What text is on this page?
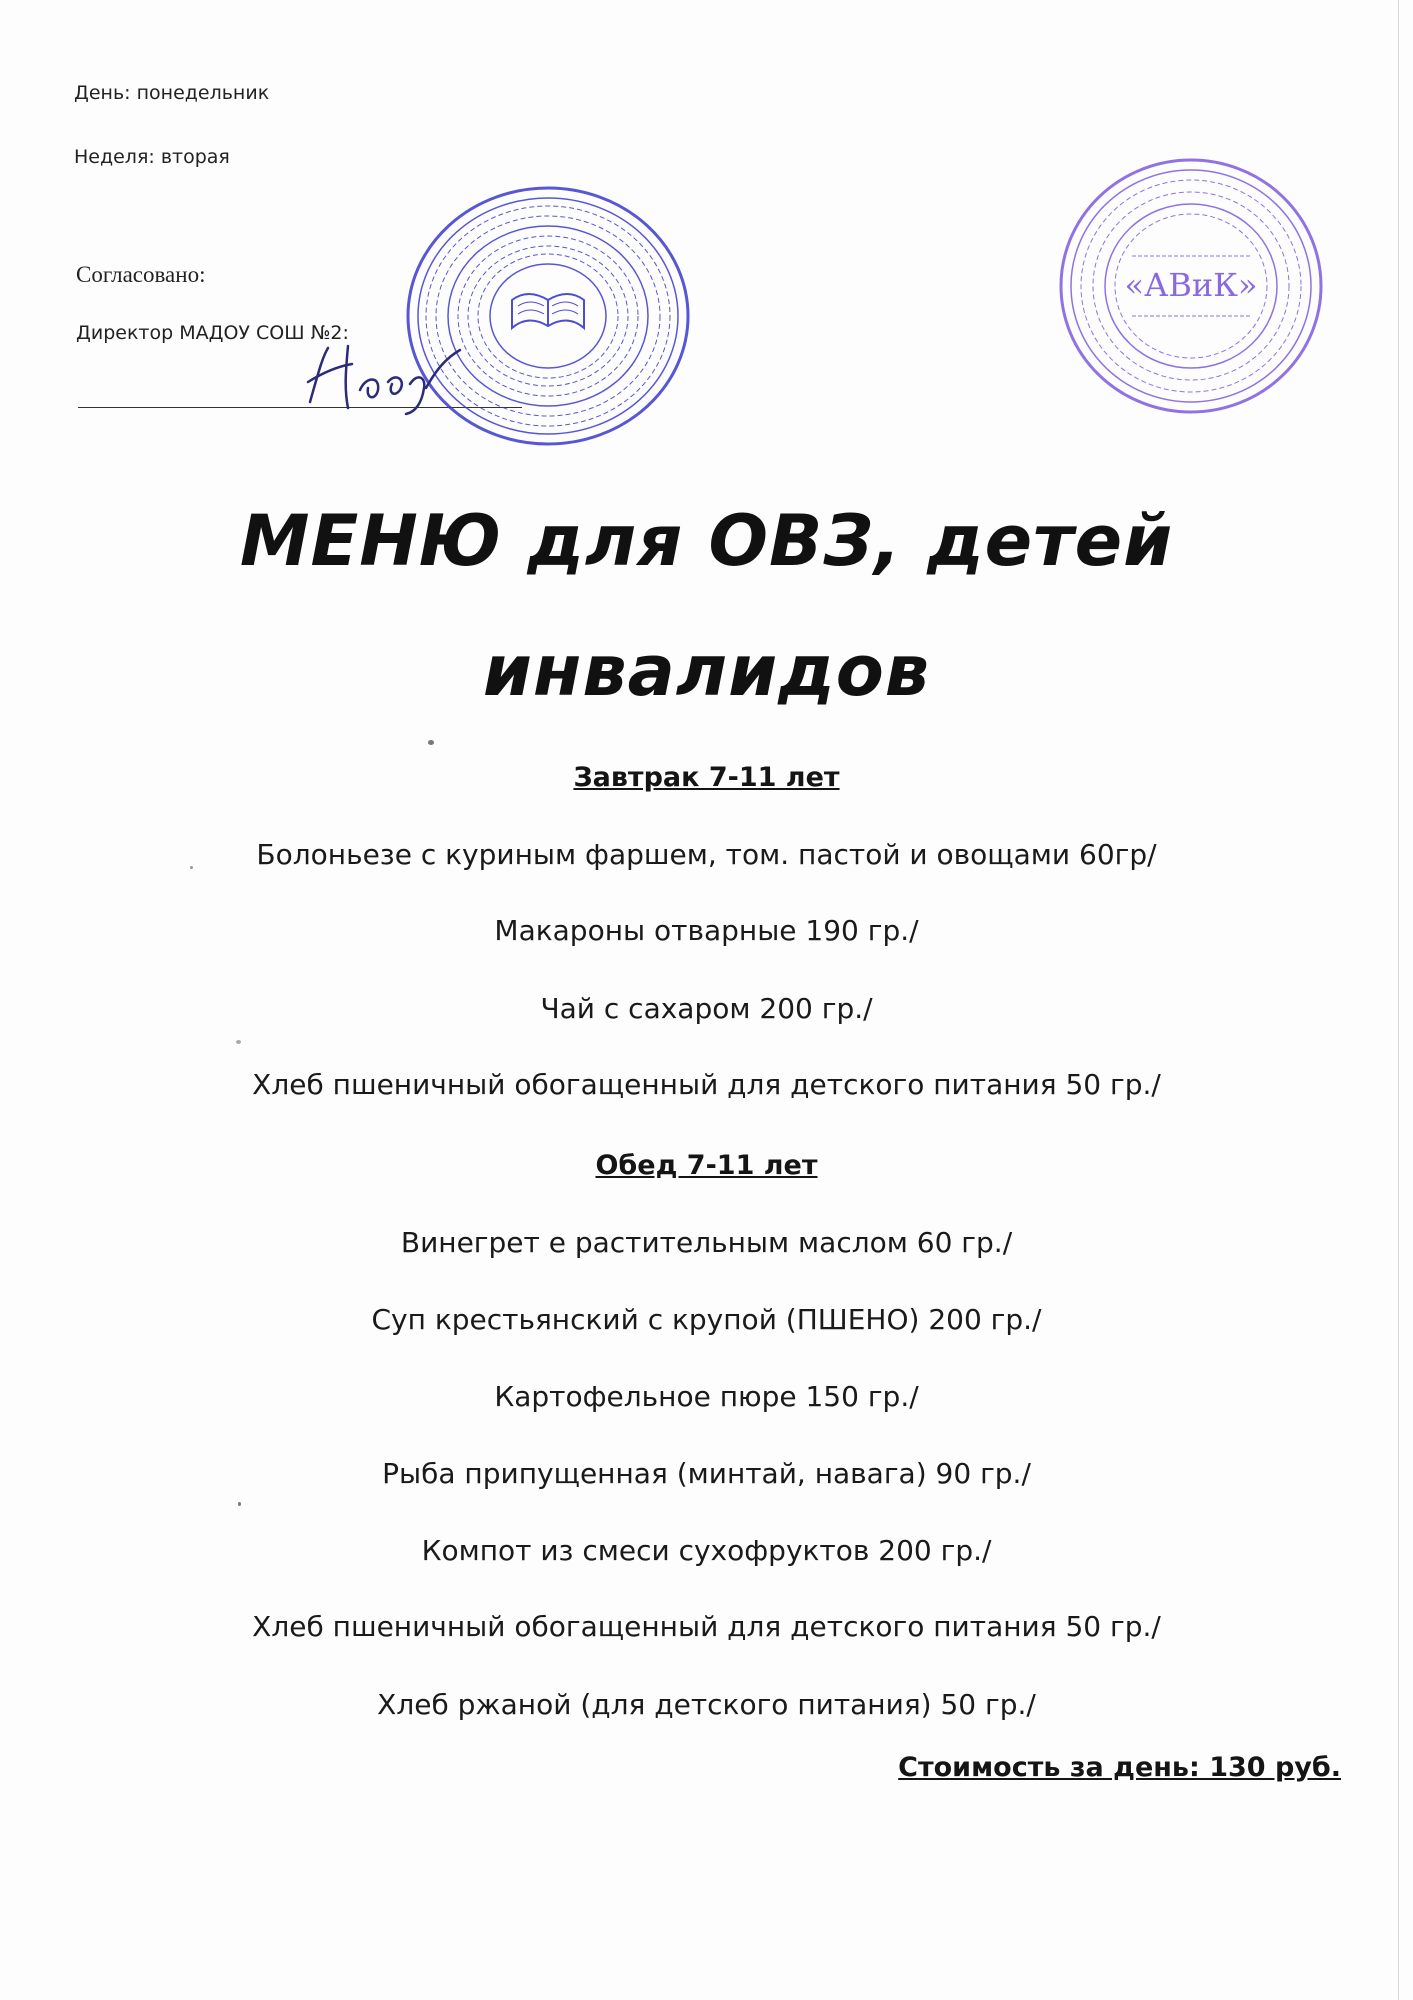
День: понедельник
Неделя: вторая
Согласовано:
Директор МАДОУ СОШ №2:
«АВиК»
МЕНЮ для ОВЗ, детей
инвалидов
Завтрак 7-11 лет
Болоньезе с куриным фаршем, том. пастой и овощами 60гр/
Макароны отварные 190 гр./
Чай с сахаром 200 гр./
Хлеб пшеничный обогащенный для детского питания 50 гр./
Обед 7-11 лет
Винегрет е растительным маслом 60 гр./
Суп крестьянский с крупой (ПШЕНО) 200 гр./
Картофельное пюре 150 гр./
Рыба припущенная (минтай, навага) 90 гр./
Компот из смеси сухофруктов 200 гр./
Хлеб пшеничный обогащенный для детского питания 50 гр./
Хлеб ржаной (для детского питания) 50 гр./
Стоимость за день: 130 руб.
